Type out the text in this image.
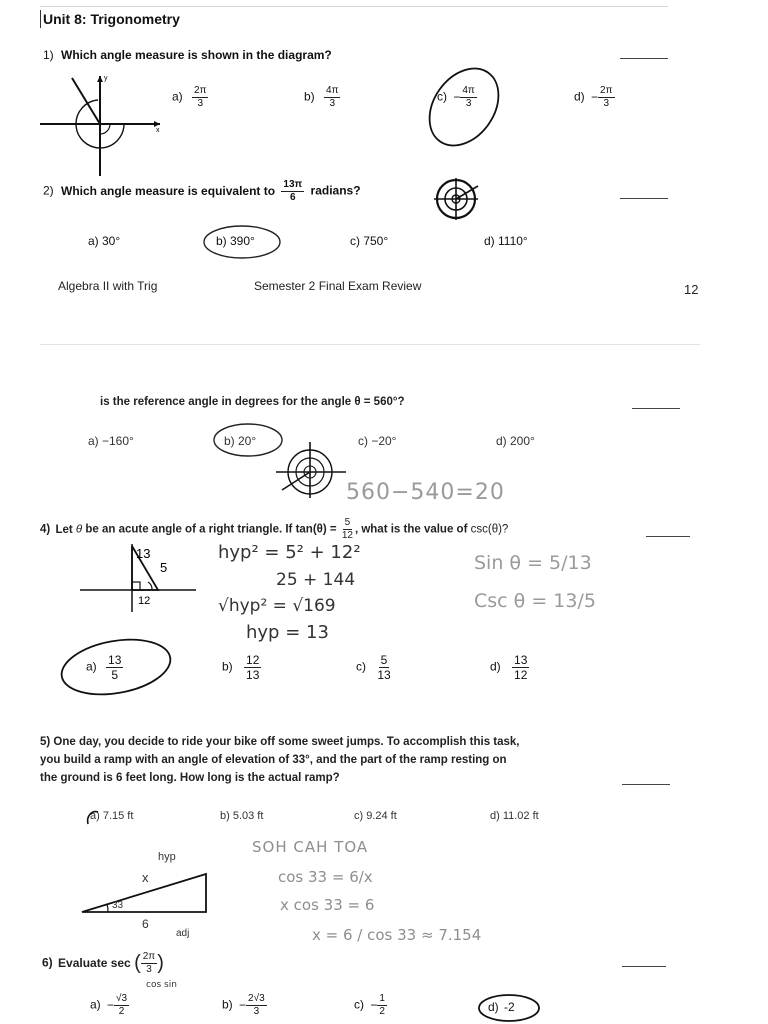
Unit 8: Trigonometry
1) Which angle measure is shown in the diagram?
x
y
$a) \frac{2\pi}{3}$	$b) \frac{4\pi}{3}$	$c) - \frac{4\pi}{3}$	$d) - \frac{2\pi}{3}$
2) Which angle measure is equivalent to $\frac{13\pi}{6}$ radians?
a) 30°	b) 390°	c) 750°	d) 1110°
Algebra II with Trig	Semester 2 Final Exam Review	12
is the reference angle in degrees for the angle θ = 560°?
a) −160°	b) 20°	c) −20°	d) 200°
560−540=20
4) Let θ be an acute angle of a right triangle. If $\tan(\theta) = \frac{5}{12}$ , what is the value of csc(θ)?
13
5
12
hyp² = 5² + 12²
25 + 144
√hyp² = √169
hyp = 13
Sin θ = 5/13
Csc θ = 13/5
$a) \frac{13}{5}$	$b) \frac{12}{13}$	$c) \frac{5}{13}$	$d) \frac{13}{12}$
5) One day, you decide to ride your bike off some sweet jumps. To accomplish this task,
you build a ramp with an angle of elevation of 33°, and the part of the ramp resting on
the ground is 6 feet long. How long is the actual ramp?
a) 7.15 ft	b) 5.03 ft	c) 9.24 ft	d) 11.02 ft
hyp
x
33
6
adj
SOH CAH TOA
cos 33 = 6/x
x cos 33 = 6
x = 6 / cos 33 ≈ 7.154
6) Evaluate sec ( $\frac{2\pi}{3}$ )
$a) - \frac{√3}{2}$
cos sin
$b) - \frac{2√3}{3}$	$c) - \frac{1}{2}$	d) -2
